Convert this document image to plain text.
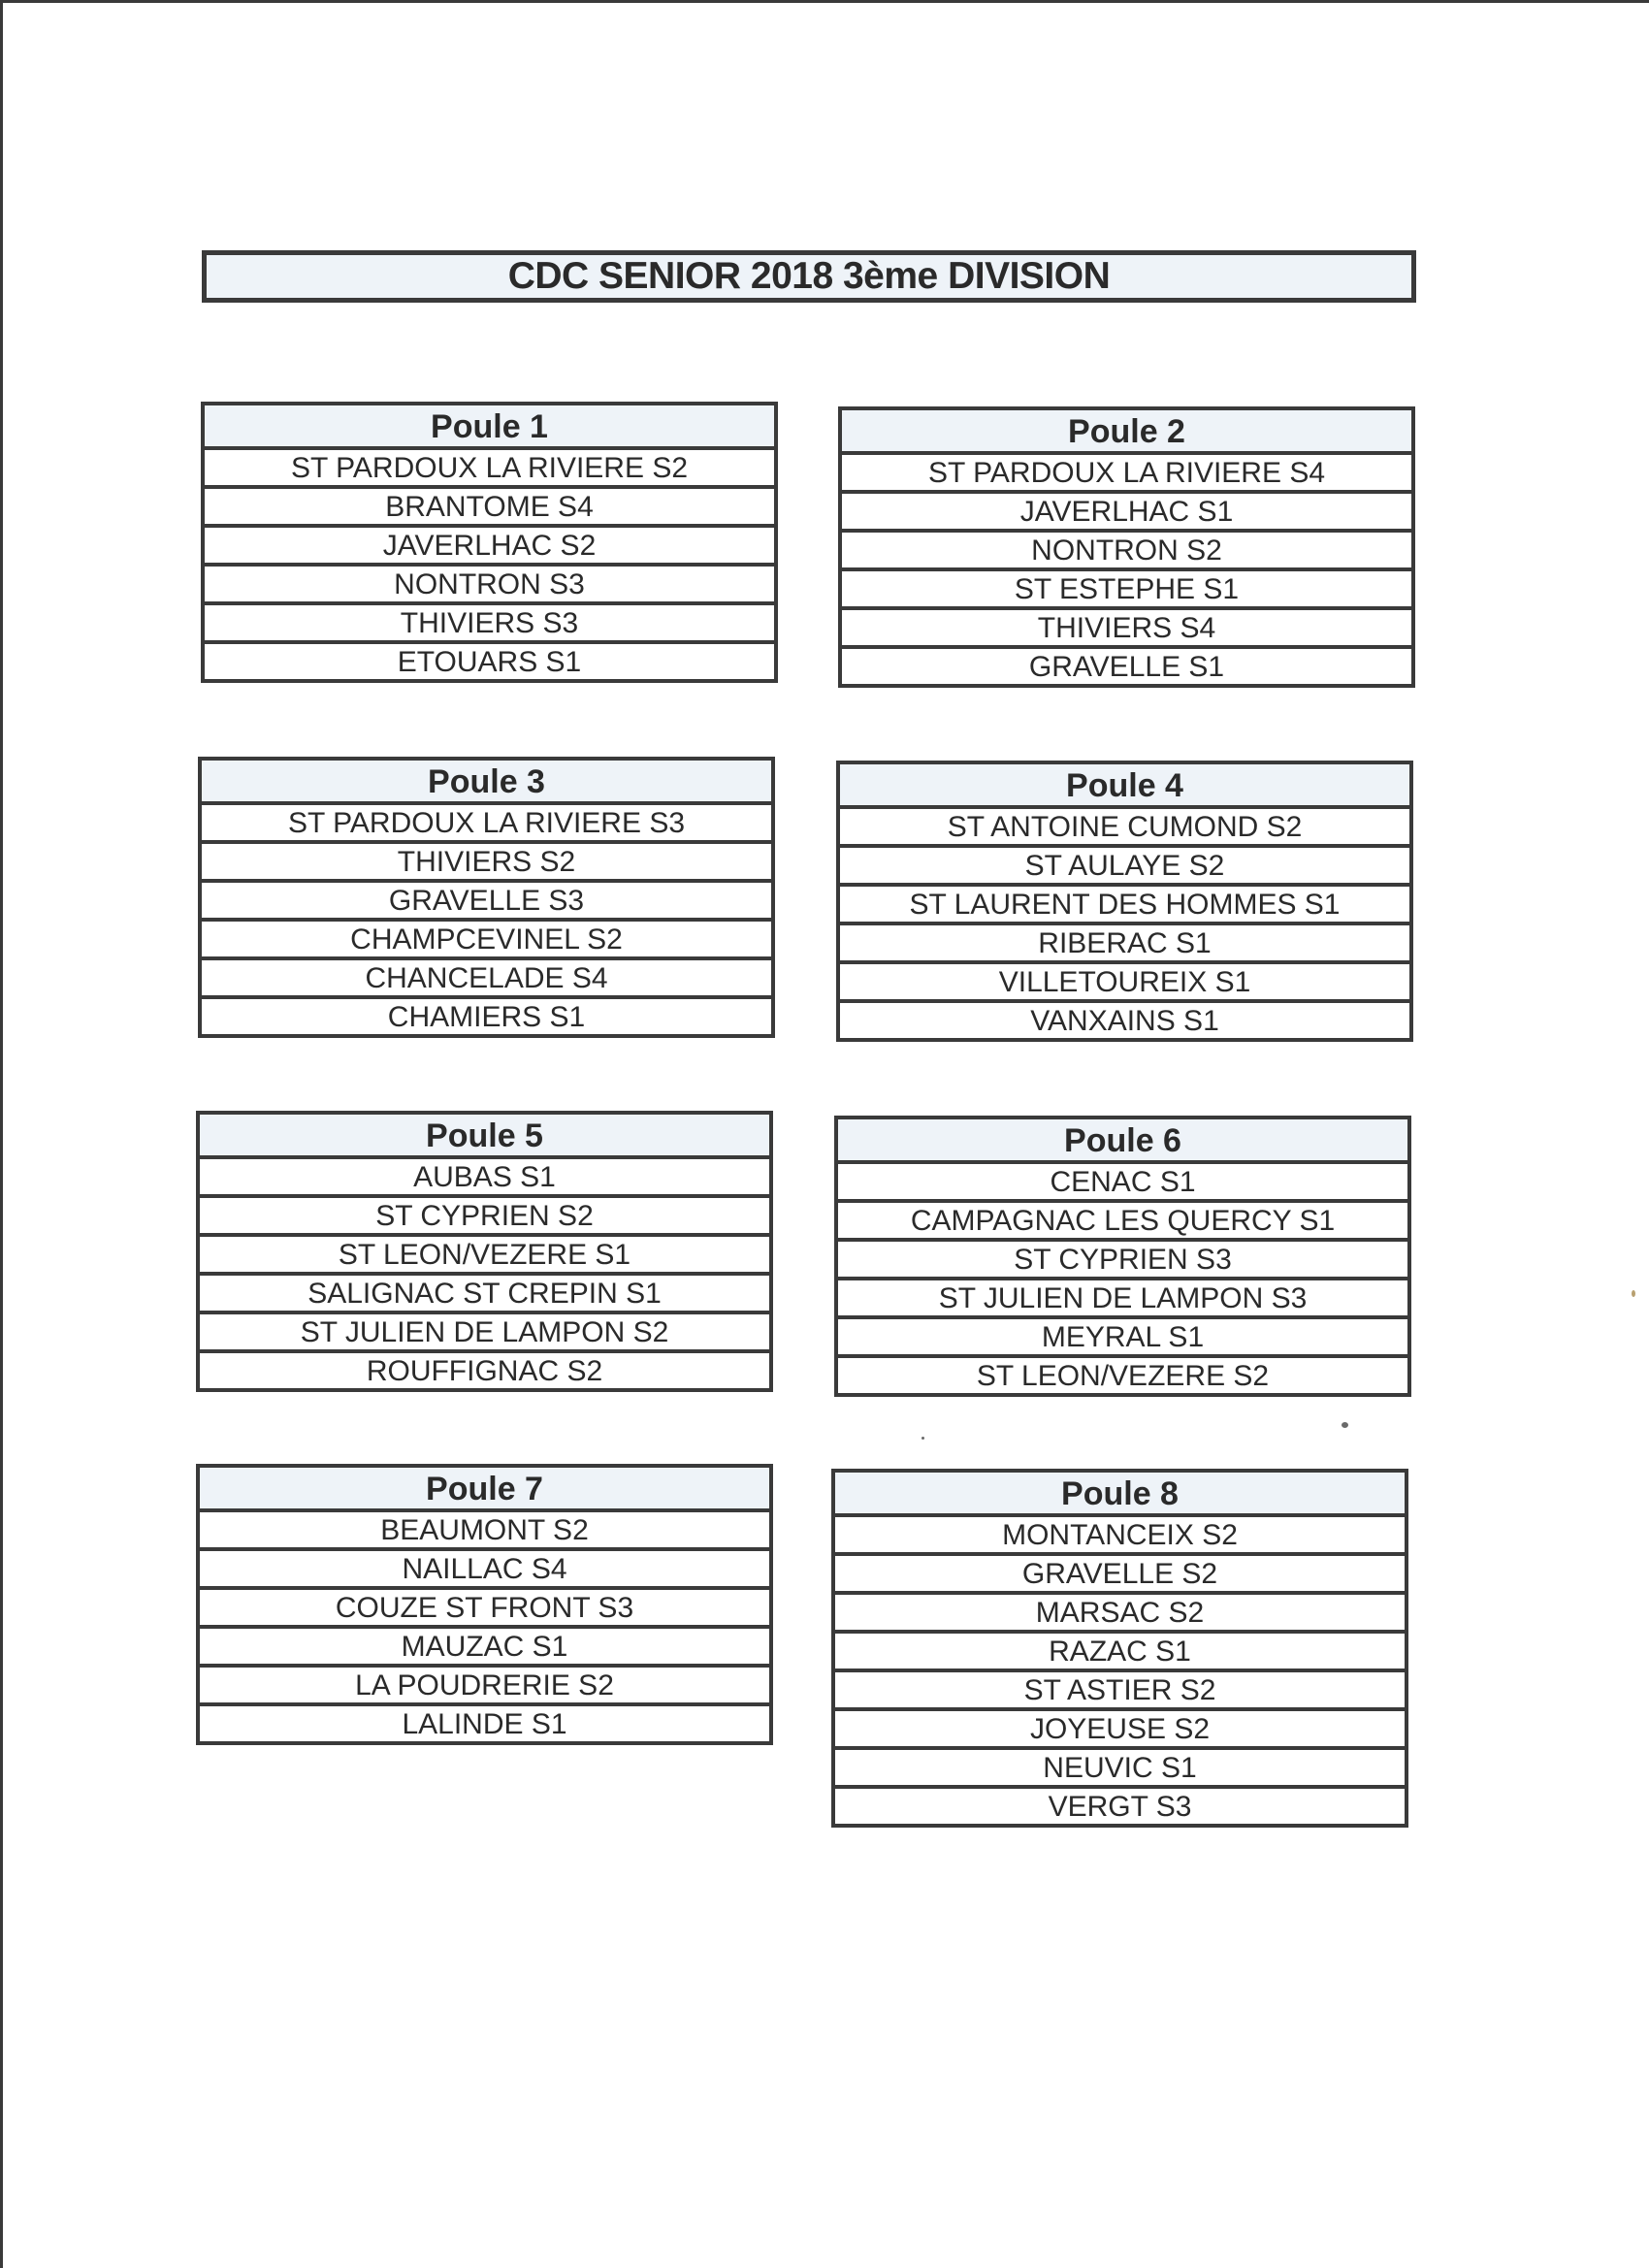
CDC SENIOR 2018 3ème DIVISION
Poule 1
ST PARDOUX LA RIVIERE S2
BRANTOME S4
JAVERLHAC S2
NONTRON S3
THIVIERS S3
ETOUARS S1
Poule 2
ST PARDOUX LA RIVIERE S4
JAVERLHAC S1
NONTRON S2
ST ESTEPHE S1
THIVIERS S4
GRAVELLE S1
Poule 3
ST PARDOUX LA RIVIERE S3
THIVIERS S2
GRAVELLE S3
CHAMPCEVINEL S2
CHANCELADE S4
CHAMIERS S1
Poule 4
ST ANTOINE CUMOND S2
ST AULAYE S2
ST LAURENT DES HOMMES S1
RIBERAC S1
VILLETOUREIX S1
VANXAINS S1
Poule 5
AUBAS S1
ST CYPRIEN S2
ST LEON/VEZERE S1
SALIGNAC ST CREPIN S1
ST JULIEN DE LAMPON S2
ROUFFIGNAC S2
Poule 6
CENAC S1
CAMPAGNAC LES QUERCY S1
ST CYPRIEN S3
ST JULIEN DE LAMPON S3
MEYRAL S1
ST LEON/VEZERE S2
Poule 7
BEAUMONT S2
NAILLAC S4
COUZE ST FRONT S3
MAUZAC S1
LA POUDRERIE S2
LALINDE S1
Poule 8
MONTANCEIX S2
GRAVELLE S2
MARSAC S2
RAZAC S1
ST ASTIER S2
JOYEUSE S2
NEUVIC S1
VERGT S3
